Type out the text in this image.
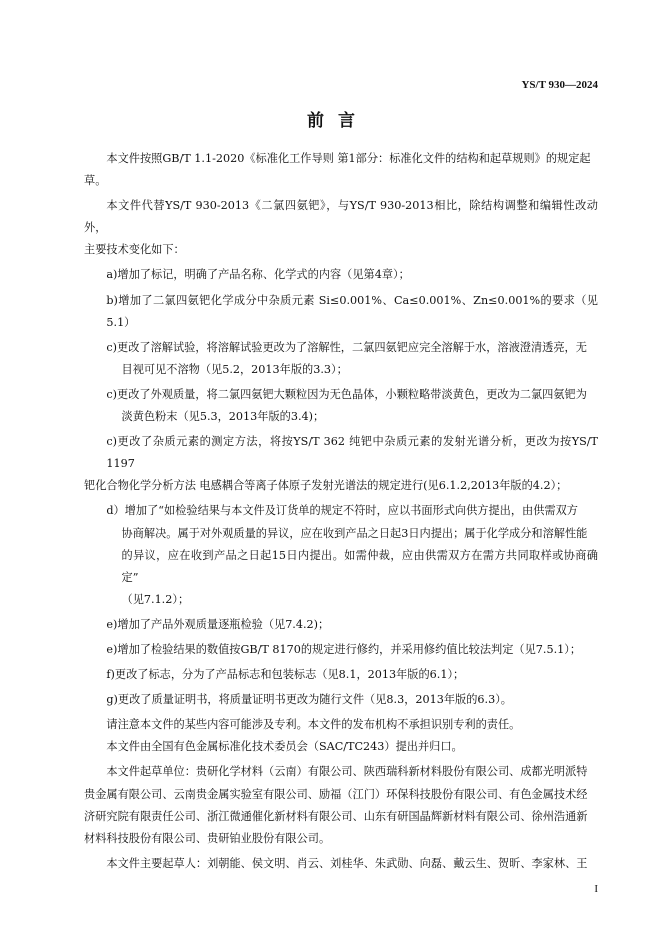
YS/T 930—2024
前言

本文件按照GB/T 1.1-2020《标准化工作导则 第1部分：标准化文件的结构和起草规则》的规定起

草。

本文件代替YS/T 930-2013《二氯四氨钯》，与YS/T 930-2013相比，除结构调整和编辑性改动外，

主要技术变化如下：

a)增加了标记，明确了产品名称、化学式的内容（见第4章）；

b)增加了二氯四氨钯化学成分中杂质元素 Si≤0.001%、Ca≤0.001%、Zn≤0.001%的要求（见5.1）

c)更改了溶解试验，将溶解试验更改为了溶解性，二氯四氨钯应完全溶解于水，溶液澄清透亮，无

目视可见不溶物（见5.2，2013年版的3.3）；

c)更改了外观质量，将二氯四氨钯大颗粒因为无色晶体，小颗粒略带淡黄色，更改为二氯四氨钯为

淡黄色粉末（见5.3，2013年版的3.4)；

c)更改了杂质元素的测定方法，将按YS/T 362 纯钯中杂质元素的发射光谱分析，更改为按YS/T 1197

钯化合物化学分析方法 电感耦合等离子体原子发射光谱法的规定进行(见6.1.2,2013年版的4.2）；

d）增加了“如检验结果与本文件及订货单的规定不符时，应以书面形式向供方提出，由供需双方

协商解决。属于对外观质量的异议，应在收到产品之日起3日内提出；属于化学成分和溶解性能

的异议，应在收到产品之日起15日内提出。如需仲裁，应由供需双方在需方共同取样或协商确定”

（见7.1.2）；

e)增加了产品外观质量逐瓶检验（见7.4.2)；

e)增加了检验结果的数值按GB/T 8170的规定进行修约，并采用修约值比较法判定（见7.5.1）；

f)更改了标志，分为了产品标志和包装标志（见8.1，2013年版的6.1）；

g)更改了质量证明书，将质量证明书更改为随行文件（见8.3，2013年版的6.3）。

请注意本文件的某些内容可能涉及专利。本文件的发布机构不承担识别专利的责任。

本文件由全国有色金属标准化技术委员会（SAC/TC243）提出并归口。

本文件起草单位：贵研化学材料（云南）有限公司、陕西瑞科新材料股份有限公司、成都光明派特

贵金属有限公司、云南贵金属实验室有限公司、励福（江门）环保科技股份有限公司、有色金属技术经

济研究院有限责任公司、浙江微通催化新材料有限公司、山东有研国晶辉新材料有限公司、徐州浩通新

材料科技股份有限公司、贵研铂业股份有限公司。

本文件主要起草人：刘朝能、侯文明、肖云、刘桂华、朱武勋、向磊、戴云生、贺昕、李家林、王

I
